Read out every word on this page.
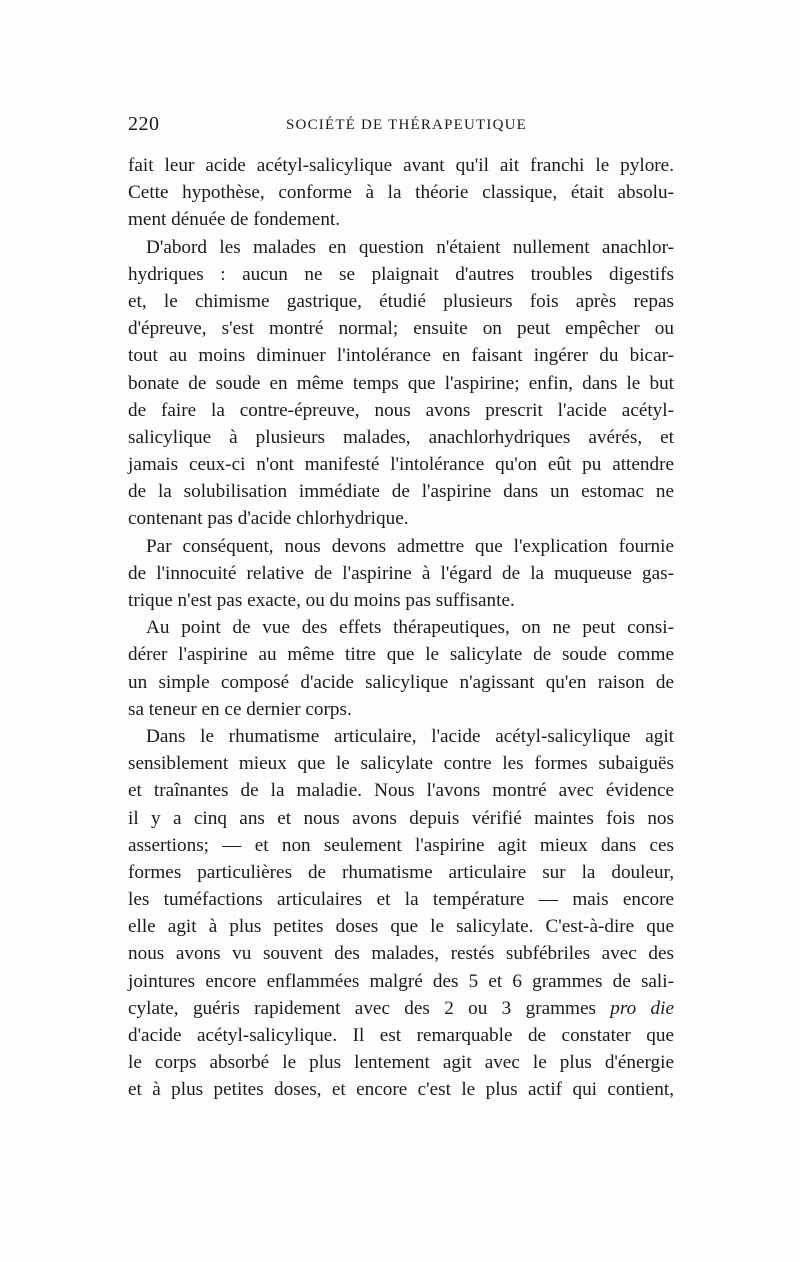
220	SOCIÉTÉ DE THÉRAPEUTIQUE
fait leur acide acétyl-salicylique avant qu'il ait franchi le pylore.
Cette hypothèse, conforme à la théorie classique, était absolu-
ment dénuée de fondement.
D'abord les malades en question n'étaient nullement anachlor-
hydriques : aucun ne se plaignait d'autres troubles digestifs
et, le chimisme gastrique, étudié plusieurs fois après repas
d'épreuve, s'est montré normal; ensuite on peut empêcher ou
tout au moins diminuer l'intolérance en faisant ingérer du bicar-
bonate de soude en même temps que l'aspirine; enfin, dans le but
de faire la contre-épreuve, nous avons prescrit l'acide acétyl-
salicylique à plusieurs malades, anachlorhydriques avérés, et
jamais ceux-ci n'ont manifesté l'intolérance qu'on eût pu attendre
de la solubilisation immédiate de l'aspirine dans un estomac ne
contenant pas d'acide chlorhydrique.
Par conséquent, nous devons admettre que l'explication fournie
de l'innocuité relative de l'aspirine à l'égard de la muqueuse gas-
trique n'est pas exacte, ou du moins pas suffisante.
Au point de vue des effets thérapeutiques, on ne peut consi-
dérer l'aspirine au même titre que le salicylate de soude comme
un simple composé d'acide salicylique n'agissant qu'en raison de
sa teneur en ce dernier corps.
Dans le rhumatisme articulaire, l'acide acétyl-salicylique agit
sensiblement mieux que le salicylate contre les formes subaiguës
et traînantes de la maladie. Nous l'avons montré avec évidence
il y a cinq ans et nous avons depuis vérifié maintes fois nos
assertions; — et non seulement l'aspirine agit mieux dans ces
formes particulières de rhumatisme articulaire sur la douleur,
les tuméfactions articulaires et la température — mais encore
elle agit à plus petites doses que le salicylate. C'est-à-dire que
nous avons vu souvent des malades, restés subfébriles avec des
jointures encore enflammées malgré des 5 et 6 grammes de sali-
cylate, guéris rapidement avec des 2 ou 3 grammes pro die
d'acide acétyl-salicylique. Il est remarquable de constater que
le corps absorbé le plus lentement agit avec le plus d'énergie
et à plus petites doses, et encore c'est le plus actif qui contient,
